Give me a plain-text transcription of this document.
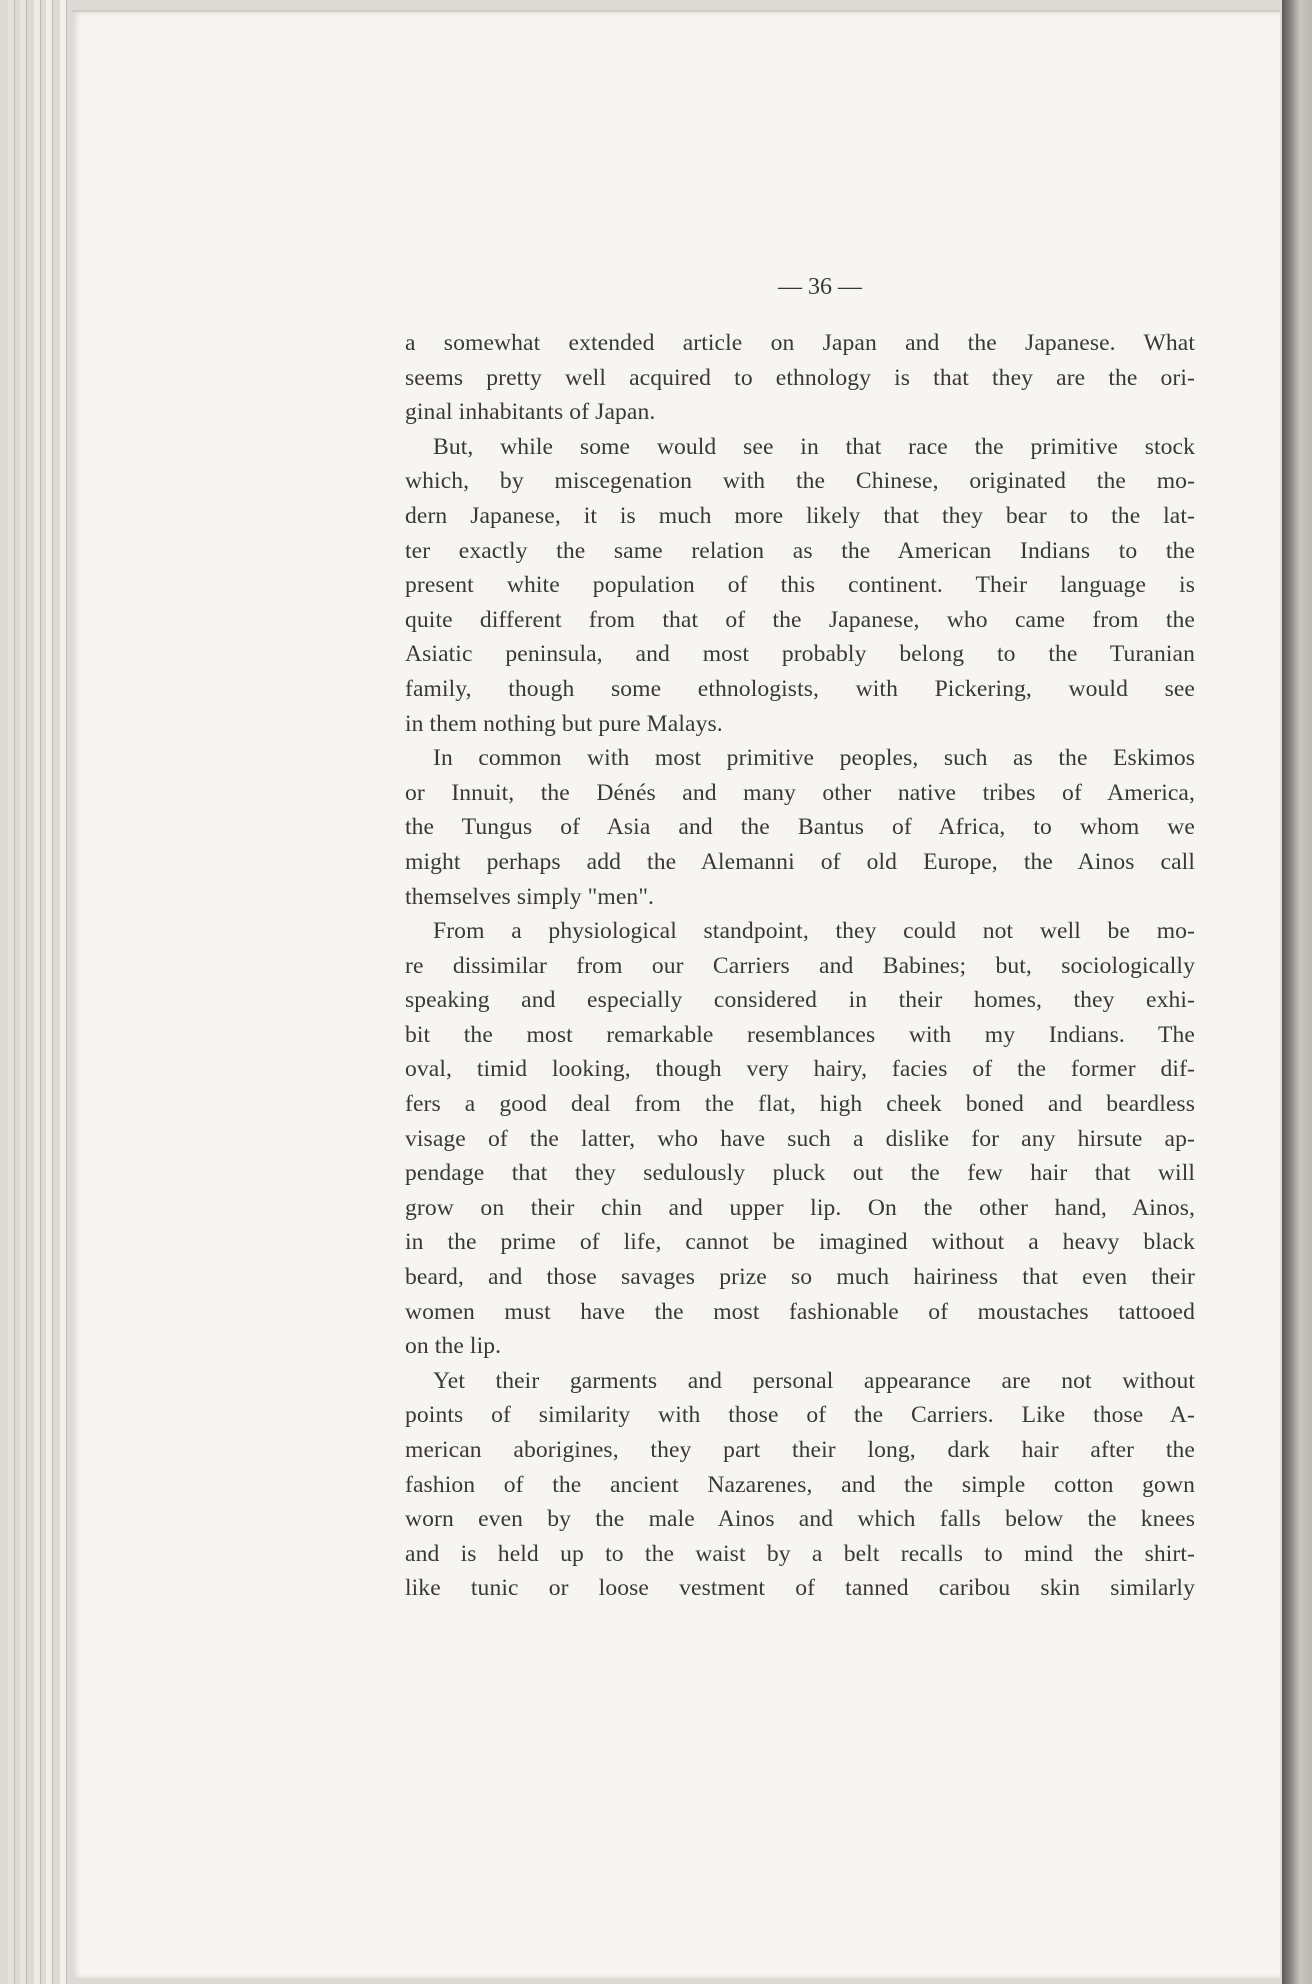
— 36 —

a somewhat extended article on Japan and the Japanese. What
seems pretty well acquired to ethnology is that they are the ori-
ginal inhabitants of Japan.

But, while some would see in that race the primitive stock
which, by miscegenation with the Chinese, originated the mo-
dern Japanese, it is much more likely that they bear to the lat-
ter exactly the same relation as the American Indians to the
present white population of this continent. Their language is
quite different from that of the Japanese, who came from the
Asiatic peninsula, and most probably belong to the Turanian
family, though some ethnologists, with Pickering, would see
in them nothing but pure Malays.

In common with most primitive peoples, such as the Eskimos
or Innuit, the Dénés and many other native tribes of America,
the Tungus of Asia and the Bantus of Africa, to whom we
might perhaps add the Alemanni of old Europe, the Ainos call
themselves simply "men".

From a physiological standpoint, they could not well be mo-
re dissimilar from our Carriers and Babines; but, sociologically
speaking and especially considered in their homes, they exhi-
bit the most remarkable resemblances with my Indians. The
oval, timid looking, though very hairy, facies of the former dif-
fers a good deal from the flat, high cheek boned and beardless
visage of the latter, who have such a dislike for any hirsute ap-
pendage that they sedulously pluck out the few hair that will
grow on their chin and upper lip. On the other hand, Ainos,
in the prime of life, cannot be imagined without a heavy black
beard, and those savages prize so much hairiness that even their
women must have the most fashionable of moustaches tattooed
on the lip.

Yet their garments and personal appearance are not without
points of similarity with those of the Carriers. Like those A-
merican aborigines, they part their long, dark hair after the
fashion of the ancient Nazarenes, and the simple cotton gown
worn even by the male Ainos and which falls below the knees
and is held up to the waist by a belt recalls to mind the shirt-
like tunic or loose vestment of tanned caribou skin similarly
